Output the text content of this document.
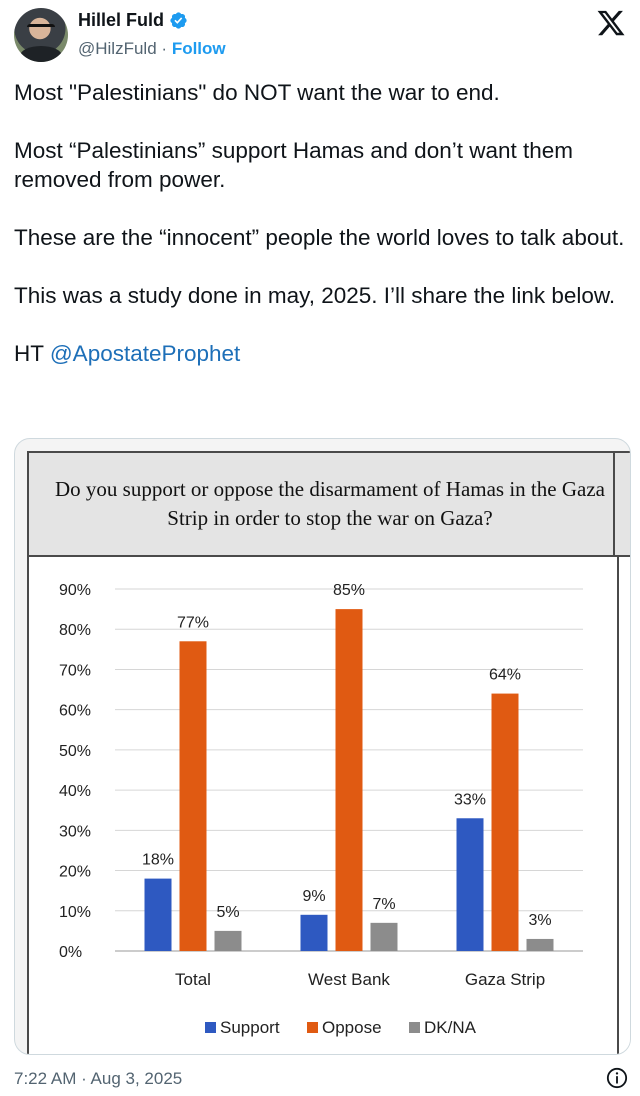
Hillel Fuld
@HilzFuld · Follow

Most "Palestinians" do NOT want the war to end.

Most “Palestinians” support Hamas and don’t want them removed from power.

These are the “innocent” people the world loves to talk about.

This was a study done in may, 2025. I’ll share the link below.

HT @ApostateProphet

Do you support or oppose the disarmament of Hamas in the Gaza Strip in order to stop the war on Gaza?
0%
10%
20%
30%
40%
50%
60%
70%
80%
90%
18%
77%
5%
Total
9%
85%
7%
West Bank
33%
64%
3%
Gaza Strip
Support Oppose DK/NA
7:22 AM · Aug 3, 2025
